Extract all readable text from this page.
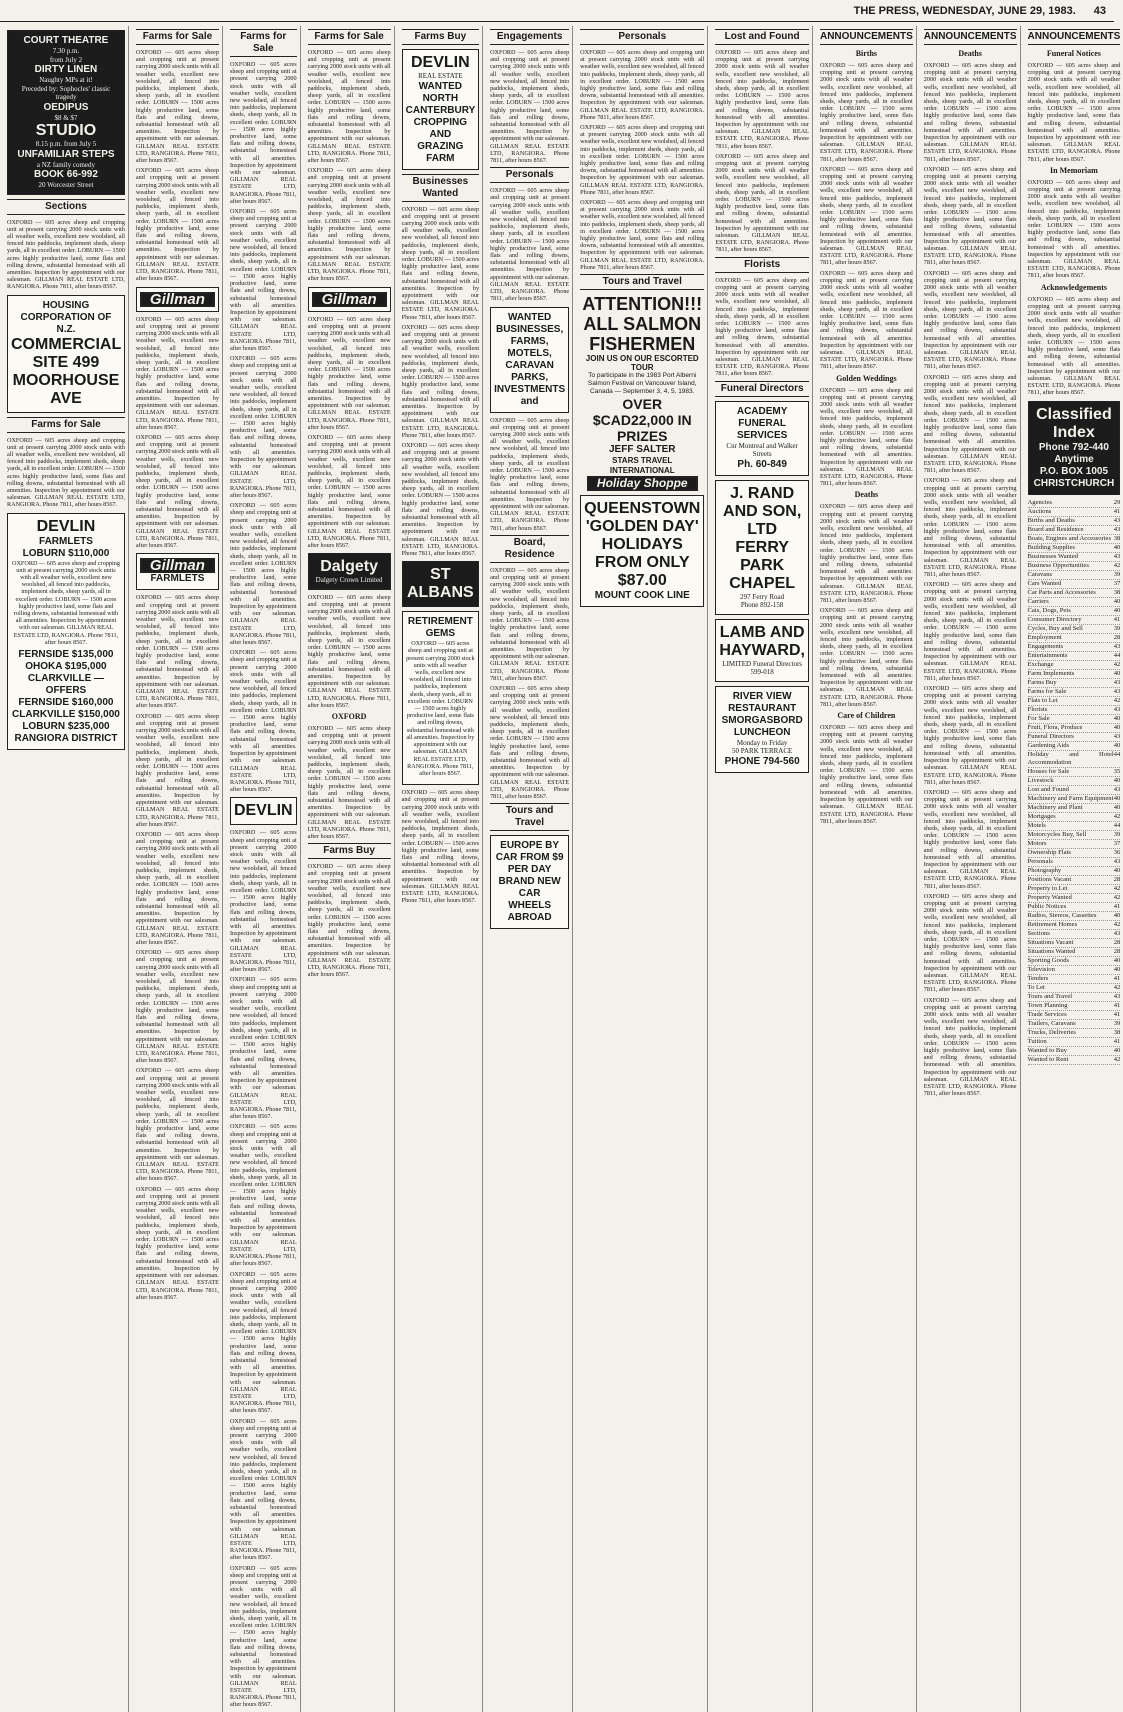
THE PRESS, WEDNESDAY, JUNE 29, 1983. 43
COURT THEATRE
7.30 p.m.
from July 2
DIRTY LINEN
Naughty MPs at it!
Preceded by: Sophocles' classic tragedy
OEDIPUS
$8 & $7
STUDIO
8.15 p.m. from July 5
UNFAMILIAR STEPS
a NZ family comedy
BOOK 66-992
20 Worcester Street
Sections

OXFORD — 605 acres sheep and cropping unit at present carrying 2000 stock units with all weather wells, excellent new woolshed, all fenced into paddocks, implement sheds, sheep yards, all in excellent order. LOBURN — 1500 acres highly productive land, some flats and rolling downs, substantial homestead with all amenities. Inspection by appointment with our salesman. GILLMAN REAL ESTATE LTD, RANGIORA. Phone 7811, after hours 8567.

HOUSING CORPORATION OF N.Z.
COMMERCIAL SITE 499 MOORHOUSE AVE
Farms for Sale

OXFORD — 605 acres sheep and cropping unit at present carrying 2000 stock units with all weather wells, excellent new woolshed, all fenced into paddocks, implement sheds, sheep yards, all in excellent order. LOBURN — 1500 acres highly productive land, some flats and rolling downs, substantial homestead with all amenities. Inspection by appointment with our salesman. GILLMAN REAL ESTATE LTD, RANGIORA. Phone 7811, after hours 8567.

DEVLIN
FARMLETS
LOBURN $110,000

OXFORD — 605 acres sheep and cropping unit at present carrying 2000 stock units with all weather wells, excellent new woolshed, all fenced into paddocks, implement sheds, sheep yards, all in excellent order. LOBURN — 1500 acres highly productive land, some flats and rolling downs, substantial homestead with all amenities. Inspection by appointment with our salesman. GILLMAN REAL ESTATE LTD, RANGIORA. Phone 7811, after hours 8567.

FERNSIDE $135,000
OHOKA $195,000
CLARKVILLE — OFFERS
FERNSIDE $160,000
CLARKVILLE $150,000
LOBURN $235,000
RANGIORA DISTRICT
Farms for Sale

OXFORD — 605 acres sheep and cropping unit at present carrying 2000 stock units with all weather wells, excellent new woolshed, all fenced into paddocks, implement sheds, sheep yards, all in excellent order. LOBURN — 1500 acres highly productive land, some flats and rolling downs, substantial homestead with all amenities. Inspection by appointment with our salesman. GILLMAN REAL ESTATE LTD, RANGIORA. Phone 7811, after hours 8567.

OXFORD — 605 acres sheep and cropping unit at present carrying 2000 stock units with all weather wells, excellent new woolshed, all fenced into paddocks, implement sheds, sheep yards, all in excellent order. LOBURN — 1500 acres highly productive land, some flats and rolling downs, substantial homestead with all amenities. Inspection by appointment with our salesman. GILLMAN REAL ESTATE LTD, RANGIORA. Phone 7811, after hours 8567.

Gillman

OXFORD — 605 acres sheep and cropping unit at present carrying 2000 stock units with all weather wells, excellent new woolshed, all fenced into paddocks, implement sheds, sheep yards, all in excellent order. LOBURN — 1500 acres highly productive land, some flats and rolling downs, substantial homestead with all amenities. Inspection by appointment with our salesman. GILLMAN REAL ESTATE LTD, RANGIORA. Phone 7811, after hours 8567.

OXFORD — 605 acres sheep and cropping unit at present carrying 2000 stock units with all weather wells, excellent new woolshed, all fenced into paddocks, implement sheds, sheep yards, all in excellent order. LOBURN — 1500 acres highly productive land, some flats and rolling downs, substantial homestead with all amenities. Inspection by appointment with our salesman. GILLMAN REAL ESTATE LTD, RANGIORA. Phone 7811, after hours 8567.

Gillman
FARMLETS

OXFORD — 605 acres sheep and cropping unit at present carrying 2000 stock units with all weather wells, excellent new woolshed, all fenced into paddocks, implement sheds, sheep yards, all in excellent order. LOBURN — 1500 acres highly productive land, some flats and rolling downs, substantial homestead with all amenities. Inspection by appointment with our salesman. GILLMAN REAL ESTATE LTD, RANGIORA. Phone 7811, after hours 8567.

OXFORD — 605 acres sheep and cropping unit at present carrying 2000 stock units with all weather wells, excellent new woolshed, all fenced into paddocks, implement sheds, sheep yards, all in excellent order. LOBURN — 1500 acres highly productive land, some flats and rolling downs, substantial homestead with all amenities. Inspection by appointment with our salesman. GILLMAN REAL ESTATE LTD, RANGIORA. Phone 7811, after hours 8567.

OXFORD — 605 acres sheep and cropping unit at present carrying 2000 stock units with all weather wells, excellent new woolshed, all fenced into paddocks, implement sheds, sheep yards, all in excellent order. LOBURN — 1500 acres highly productive land, some flats and rolling downs, substantial homestead with all amenities. Inspection by appointment with our salesman. GILLMAN REAL ESTATE LTD, RANGIORA. Phone 7811, after hours 8567.

OXFORD — 605 acres sheep and cropping unit at present carrying 2000 stock units with all weather wells, excellent new woolshed, all fenced into paddocks, implement sheds, sheep yards, all in excellent order. LOBURN — 1500 acres highly productive land, some flats and rolling downs, substantial homestead with all amenities. Inspection by appointment with our salesman. GILLMAN REAL ESTATE LTD, RANGIORA. Phone 7811, after hours 8567.

OXFORD — 605 acres sheep and cropping unit at present carrying 2000 stock units with all weather wells, excellent new woolshed, all fenced into paddocks, implement sheds, sheep yards, all in excellent order. LOBURN — 1500 acres highly productive land, some flats and rolling downs, substantial homestead with all amenities. Inspection by appointment with our salesman. GILLMAN REAL ESTATE LTD, RANGIORA. Phone 7811, after hours 8567.

OXFORD — 605 acres sheep and cropping unit at present carrying 2000 stock units with all weather wells, excellent new woolshed, all fenced into paddocks, implement sheds, sheep yards, all in excellent order. LOBURN — 1500 acres highly productive land, some flats and rolling downs, substantial homestead with all amenities. Inspection by appointment with our salesman. GILLMAN REAL ESTATE LTD, RANGIORA. Phone 7811, after hours 8567.

Farms for Sale

OXFORD — 605 acres sheep and cropping unit at present carrying 2000 stock units with all weather wells, excellent new woolshed, all fenced into paddocks, implement sheds, sheep yards, all in excellent order. LOBURN — 1500 acres highly productive land, some flats and rolling downs, substantial homestead with all amenities. Inspection by appointment with our salesman. GILLMAN REAL ESTATE LTD, RANGIORA. Phone 7811, after hours 8567.

OXFORD — 605 acres sheep and cropping unit at present carrying 2000 stock units with all weather wells, excellent new woolshed, all fenced into paddocks, implement sheds, sheep yards, all in excellent order. LOBURN — 1500 acres highly productive land, some flats and rolling downs, substantial homestead with all amenities. Inspection by appointment with our salesman. GILLMAN REAL ESTATE LTD, RANGIORA. Phone 7811, after hours 8567.

OXFORD — 605 acres sheep and cropping unit at present carrying 2000 stock units with all weather wells, excellent new woolshed, all fenced into paddocks, implement sheds, sheep yards, all in excellent order. LOBURN — 1500 acres highly productive land, some flats and rolling downs, substantial homestead with all amenities. Inspection by appointment with our salesman. GILLMAN REAL ESTATE LTD, RANGIORA. Phone 7811, after hours 8567.

OXFORD — 605 acres sheep and cropping unit at present carrying 2000 stock units with all weather wells, excellent new woolshed, all fenced into paddocks, implement sheds, sheep yards, all in excellent order. LOBURN — 1500 acres highly productive land, some flats and rolling downs, substantial homestead with all amenities. Inspection by appointment with our salesman. GILLMAN REAL ESTATE LTD, RANGIORA. Phone 7811, after hours 8567.

OXFORD — 605 acres sheep and cropping unit at present carrying 2000 stock units with all weather wells, excellent new woolshed, all fenced into paddocks, implement sheds, sheep yards, all in excellent order. LOBURN — 1500 acres highly productive land, some flats and rolling downs, substantial homestead with all amenities. Inspection by appointment with our salesman. GILLMAN REAL ESTATE LTD, RANGIORA. Phone 7811, after hours 8567.

DEVLIN

OXFORD — 605 acres sheep and cropping unit at present carrying 2000 stock units with all weather wells, excellent new woolshed, all fenced into paddocks, implement sheds, sheep yards, all in excellent order. LOBURN — 1500 acres highly productive land, some flats and rolling downs, substantial homestead with all amenities. Inspection by appointment with our salesman. GILLMAN REAL ESTATE LTD, RANGIORA. Phone 7811, after hours 8567.

OXFORD — 605 acres sheep and cropping unit at present carrying 2000 stock units with all weather wells, excellent new woolshed, all fenced into paddocks, implement sheds, sheep yards, all in excellent order. LOBURN — 1500 acres highly productive land, some flats and rolling downs, substantial homestead with all amenities. Inspection by appointment with our salesman. GILLMAN REAL ESTATE LTD, RANGIORA. Phone 7811, after hours 8567.

OXFORD — 605 acres sheep and cropping unit at present carrying 2000 stock units with all weather wells, excellent new woolshed, all fenced into paddocks, implement sheds, sheep yards, all in excellent order. LOBURN — 1500 acres highly productive land, some flats and rolling downs, substantial homestead with all amenities. Inspection by appointment with our salesman. GILLMAN REAL ESTATE LTD, RANGIORA. Phone 7811, after hours 8567.

OXFORD — 605 acres sheep and cropping unit at present carrying 2000 stock units with all weather wells, excellent new woolshed, all fenced into paddocks, implement sheds, sheep yards, all in excellent order. LOBURN — 1500 acres highly productive land, some flats and rolling downs, substantial homestead with all amenities. Inspection by appointment with our salesman. GILLMAN REAL ESTATE LTD, RANGIORA. Phone 7811, after hours 8567.

OXFORD — 605 acres sheep and cropping unit at present carrying 2000 stock units with all weather wells, excellent new woolshed, all fenced into paddocks, implement sheds, sheep yards, all in excellent order. LOBURN — 1500 acres highly productive land, some flats and rolling downs, substantial homestead with all amenities. Inspection by appointment with our salesman. GILLMAN REAL ESTATE LTD, RANGIORA. Phone 7811, after hours 8567.

OXFORD — 605 acres sheep and cropping unit at present carrying 2000 stock units with all weather wells, excellent new woolshed, all fenced into paddocks, implement sheds, sheep yards, all in excellent order. LOBURN — 1500 acres highly productive land, some flats and rolling downs, substantial homestead with all amenities. Inspection by appointment with our salesman. GILLMAN REAL ESTATE LTD, RANGIORA. Phone 7811, after hours 8567.

Farms for Sale

OXFORD — 605 acres sheep and cropping unit at present carrying 2000 stock units with all weather wells, excellent new woolshed, all fenced into paddocks, implement sheds, sheep yards, all in excellent order. LOBURN — 1500 acres highly productive land, some flats and rolling downs, substantial homestead with all amenities. Inspection by appointment with our salesman. GILLMAN REAL ESTATE LTD, RANGIORA. Phone 7811, after hours 8567.

OXFORD — 605 acres sheep and cropping unit at present carrying 2000 stock units with all weather wells, excellent new woolshed, all fenced into paddocks, implement sheds, sheep yards, all in excellent order. LOBURN — 1500 acres highly productive land, some flats and rolling downs, substantial homestead with all amenities. Inspection by appointment with our salesman. GILLMAN REAL ESTATE LTD, RANGIORA. Phone 7811, after hours 8567.

Gillman

OXFORD — 605 acres sheep and cropping unit at present carrying 2000 stock units with all weather wells, excellent new woolshed, all fenced into paddocks, implement sheds, sheep yards, all in excellent order. LOBURN — 1500 acres highly productive land, some flats and rolling downs, substantial homestead with all amenities. Inspection by appointment with our salesman. GILLMAN REAL ESTATE LTD, RANGIORA. Phone 7811, after hours 8567.

OXFORD — 605 acres sheep and cropping unit at present carrying 2000 stock units with all weather wells, excellent new woolshed, all fenced into paddocks, implement sheds, sheep yards, all in excellent order. LOBURN — 1500 acres highly productive land, some flats and rolling downs, substantial homestead with all amenities. Inspection by appointment with our salesman. GILLMAN REAL ESTATE LTD, RANGIORA. Phone 7811, after hours 8567.

Dalgety
Dalgety Crown Limited

OXFORD — 605 acres sheep and cropping unit at present carrying 2000 stock units with all weather wells, excellent new woolshed, all fenced into paddocks, implement sheds, sheep yards, all in excellent order. LOBURN — 1500 acres highly productive land, some flats and rolling downs, substantial homestead with all amenities. Inspection by appointment with our salesman. GILLMAN REAL ESTATE LTD, RANGIORA. Phone 7811, after hours 8567.

OXFORD

OXFORD — 605 acres sheep and cropping unit at present carrying 2000 stock units with all weather wells, excellent new woolshed, all fenced into paddocks, implement sheds, sheep yards, all in excellent order. LOBURN — 1500 acres highly productive land, some flats and rolling downs, substantial homestead with all amenities. Inspection by appointment with our salesman. GILLMAN REAL ESTATE LTD, RANGIORA. Phone 7811, after hours 8567.

Farms Buy

OXFORD — 605 acres sheep and cropping unit at present carrying 2000 stock units with all weather wells, excellent new woolshed, all fenced into paddocks, implement sheds, sheep yards, all in excellent order. LOBURN — 1500 acres highly productive land, some flats and rolling downs, substantial homestead with all amenities. Inspection by appointment with our salesman. GILLMAN REAL ESTATE LTD, RANGIORA. Phone 7811, after hours 8567.

Farms Buy
DEVLIN
REAL ESTATE
WANTED NORTH CANTERBURY CROPPING AND GRAZING FARM
Businesses Wanted

OXFORD — 605 acres sheep and cropping unit at present carrying 2000 stock units with all weather wells, excellent new woolshed, all fenced into paddocks, implement sheds, sheep yards, all in excellent order. LOBURN — 1500 acres highly productive land, some flats and rolling downs, substantial homestead with all amenities. Inspection by appointment with our salesman. GILLMAN REAL ESTATE LTD, RANGIORA. Phone 7811, after hours 8567.

OXFORD — 605 acres sheep and cropping unit at present carrying 2000 stock units with all weather wells, excellent new woolshed, all fenced into paddocks, implement sheds, sheep yards, all in excellent order. LOBURN — 1500 acres highly productive land, some flats and rolling downs, substantial homestead with all amenities. Inspection by appointment with our salesman. GILLMAN REAL ESTATE LTD, RANGIORA. Phone 7811, after hours 8567.

OXFORD — 605 acres sheep and cropping unit at present carrying 2000 stock units with all weather wells, excellent new woolshed, all fenced into paddocks, implement sheds, sheep yards, all in excellent order. LOBURN — 1500 acres highly productive land, some flats and rolling downs, substantial homestead with all amenities. Inspection by appointment with our salesman. GILLMAN REAL ESTATE LTD, RANGIORA. Phone 7811, after hours 8567.

ST ALBANS
RETIREMENT GEMS

OXFORD — 605 acres sheep and cropping unit at present carrying 2000 stock units with all weather wells, excellent new woolshed, all fenced into paddocks, implement sheds, sheep yards, all in excellent order. LOBURN — 1500 acres highly productive land, some flats and rolling downs, substantial homestead with all amenities. Inspection by appointment with our salesman. GILLMAN REAL ESTATE LTD, RANGIORA. Phone 7811, after hours 8567.

OXFORD — 605 acres sheep and cropping unit at present carrying 2000 stock units with all weather wells, excellent new woolshed, all fenced into paddocks, implement sheds, sheep yards, all in excellent order. LOBURN — 1500 acres highly productive land, some flats and rolling downs, substantial homestead with all amenities. Inspection by appointment with our salesman. GILLMAN REAL ESTATE LTD, RANGIORA. Phone 7811, after hours 8567.

Engagements

OXFORD — 605 acres sheep and cropping unit at present carrying 2000 stock units with all weather wells, excellent new woolshed, all fenced into paddocks, implement sheds, sheep yards, all in excellent order. LOBURN — 1500 acres highly productive land, some flats and rolling downs, substantial homestead with all amenities. Inspection by appointment with our salesman. GILLMAN REAL ESTATE LTD, RANGIORA. Phone 7811, after hours 8567.

Personals

OXFORD — 605 acres sheep and cropping unit at present carrying 2000 stock units with all weather wells, excellent new woolshed, all fenced into paddocks, implement sheds, sheep yards, all in excellent order. LOBURN — 1500 acres highly productive land, some flats and rolling downs, substantial homestead with all amenities. Inspection by appointment with our salesman. GILLMAN REAL ESTATE LTD, RANGIORA. Phone 7811, after hours 8567.

WANTED BUSINESSES, FARMS, MOTELS, CARAVAN PARKS, INVESTMENTS and

OXFORD — 605 acres sheep and cropping unit at present carrying 2000 stock units with all weather wells, excellent new woolshed, all fenced into paddocks, implement sheds, sheep yards, all in excellent order. LOBURN — 1500 acres highly productive land, some flats and rolling downs, substantial homestead with all amenities. Inspection by appointment with our salesman. GILLMAN REAL ESTATE LTD, RANGIORA. Phone 7811, after hours 8567.

Board, Residence

OXFORD — 605 acres sheep and cropping unit at present carrying 2000 stock units with all weather wells, excellent new woolshed, all fenced into paddocks, implement sheds, sheep yards, all in excellent order. LOBURN — 1500 acres highly productive land, some flats and rolling downs, substantial homestead with all amenities. Inspection by appointment with our salesman. GILLMAN REAL ESTATE LTD, RANGIORA. Phone 7811, after hours 8567.

OXFORD — 605 acres sheep and cropping unit at present carrying 2000 stock units with all weather wells, excellent new woolshed, all fenced into paddocks, implement sheds, sheep yards, all in excellent order. LOBURN — 1500 acres highly productive land, some flats and rolling downs, substantial homestead with all amenities. Inspection by appointment with our salesman. GILLMAN REAL ESTATE LTD, RANGIORA. Phone 7811, after hours 8567.

Tours and Travel
EUROPE BY CAR FROM $9 PER DAY
BRAND NEW CAR
WHEELS ABROAD
Personals

OXFORD — 605 acres sheep and cropping unit at present carrying 2000 stock units with all weather wells, excellent new woolshed, all fenced into paddocks, implement sheds, sheep yards, all in excellent order. LOBURN — 1500 acres highly productive land, some flats and rolling downs, substantial homestead with all amenities. Inspection by appointment with our salesman. GILLMAN REAL ESTATE LTD, RANGIORA. Phone 7811, after hours 8567.

OXFORD — 605 acres sheep and cropping unit at present carrying 2000 stock units with all weather wells, excellent new woolshed, all fenced into paddocks, implement sheds, sheep yards, all in excellent order. LOBURN — 1500 acres highly productive land, some flats and rolling downs, substantial homestead with all amenities. Inspection by appointment with our salesman. GILLMAN REAL ESTATE LTD, RANGIORA. Phone 7811, after hours 8567.

OXFORD — 605 acres sheep and cropping unit at present carrying 2000 stock units with all weather wells, excellent new woolshed, all fenced into paddocks, implement sheds, sheep yards, all in excellent order. LOBURN — 1500 acres highly productive land, some flats and rolling downs, substantial homestead with all amenities. Inspection by appointment with our salesman. GILLMAN REAL ESTATE LTD, RANGIORA. Phone 7811, after hours 8567.

Tours and Travel
ATTENTION!!! ALL SALMON FISHERMEN
JOIN US ON OUR ESCORTED TOUR
To participate in the 1983 Port Alberni Salmon Festival on Vancouver Island, Canada — September 3, 4, 5, 1983.
OVER $CAD22,000 IN PRIZES
JEFF SALTER
STARS TRAVEL INTERNATIONAL
Holiday Shoppe
QUEENSTOWN 'GOLDEN DAY' HOLIDAYS FROM ONLY $87.00
MOUNT COOK LINE
Lost and Found

OXFORD — 605 acres sheep and cropping unit at present carrying 2000 stock units with all weather wells, excellent new woolshed, all fenced into paddocks, implement sheds, sheep yards, all in excellent order. LOBURN — 1500 acres highly productive land, some flats and rolling downs, substantial homestead with all amenities. Inspection by appointment with our salesman. GILLMAN REAL ESTATE LTD, RANGIORA. Phone 7811, after hours 8567.

OXFORD — 605 acres sheep and cropping unit at present carrying 2000 stock units with all weather wells, excellent new woolshed, all fenced into paddocks, implement sheds, sheep yards, all in excellent order. LOBURN — 1500 acres highly productive land, some flats and rolling downs, substantial homestead with all amenities. Inspection by appointment with our salesman. GILLMAN REAL ESTATE LTD, RANGIORA. Phone 7811, after hours 8567.

Florists

OXFORD — 605 acres sheep and cropping unit at present carrying 2000 stock units with all weather wells, excellent new woolshed, all fenced into paddocks, implement sheds, sheep yards, all in excellent order. LOBURN — 1500 acres highly productive land, some flats and rolling downs, substantial homestead with all amenities. Inspection by appointment with our salesman. GILLMAN REAL ESTATE LTD, RANGIORA. Phone 7811, after hours 8567.

Funeral Directors
ACADEMY FUNERAL SERVICES
Cnr Montreal and Walker Streets
Ph. 60-849
J. RAND AND SON, LTD
FERRY PARK CHAPEL
297 Ferry Road
Phone 892-158
LAMB AND HAYWARD,
LIMITED Funeral Directors 599-018
RIVER VIEW RESTAURANT SMORGASBORD LUNCHEON
Monday to Friday
50 PARK TERRACE
PHONE 794-560
ANNOUNCEMENTS
Births

OXFORD — 605 acres sheep and cropping unit at present carrying 2000 stock units with all weather wells, excellent new woolshed, all fenced into paddocks, implement sheds, sheep yards, all in excellent order. LOBURN — 1500 acres highly productive land, some flats and rolling downs, substantial homestead with all amenities. Inspection by appointment with our salesman. GILLMAN REAL ESTATE LTD, RANGIORA. Phone 7811, after hours 8567.

OXFORD — 605 acres sheep and cropping unit at present carrying 2000 stock units with all weather wells, excellent new woolshed, all fenced into paddocks, implement sheds, sheep yards, all in excellent order. LOBURN — 1500 acres highly productive land, some flats and rolling downs, substantial homestead with all amenities. Inspection by appointment with our salesman. GILLMAN REAL ESTATE LTD, RANGIORA. Phone 7811, after hours 8567.

OXFORD — 605 acres sheep and cropping unit at present carrying 2000 stock units with all weather wells, excellent new woolshed, all fenced into paddocks, implement sheds, sheep yards, all in excellent order. LOBURN — 1500 acres highly productive land, some flats and rolling downs, substantial homestead with all amenities. Inspection by appointment with our salesman. GILLMAN REAL ESTATE LTD, RANGIORA. Phone 7811, after hours 8567.

Golden Weddings

OXFORD — 605 acres sheep and cropping unit at present carrying 2000 stock units with all weather wells, excellent new woolshed, all fenced into paddocks, implement sheds, sheep yards, all in excellent order. LOBURN — 1500 acres highly productive land, some flats and rolling downs, substantial homestead with all amenities. Inspection by appointment with our salesman. GILLMAN REAL ESTATE LTD, RANGIORA. Phone 7811, after hours 8567.

Deaths

OXFORD — 605 acres sheep and cropping unit at present carrying 2000 stock units with all weather wells, excellent new woolshed, all fenced into paddocks, implement sheds, sheep yards, all in excellent order. LOBURN — 1500 acres highly productive land, some flats and rolling downs, substantial homestead with all amenities. Inspection by appointment with our salesman. GILLMAN REAL ESTATE LTD, RANGIORA. Phone 7811, after hours 8567.

OXFORD — 605 acres sheep and cropping unit at present carrying 2000 stock units with all weather wells, excellent new woolshed, all fenced into paddocks, implement sheds, sheep yards, all in excellent order. LOBURN — 1500 acres highly productive land, some flats and rolling downs, substantial homestead with all amenities. Inspection by appointment with our salesman. GILLMAN REAL ESTATE LTD, RANGIORA. Phone 7811, after hours 8567.

Care of Children

OXFORD — 605 acres sheep and cropping unit at present carrying 2000 stock units with all weather wells, excellent new woolshed, all fenced into paddocks, implement sheds, sheep yards, all in excellent order. LOBURN — 1500 acres highly productive land, some flats and rolling downs, substantial homestead with all amenities. Inspection by appointment with our salesman. GILLMAN REAL ESTATE LTD, RANGIORA. Phone 7811, after hours 8567.

ANNOUNCEMENTS
Deaths

OXFORD — 605 acres sheep and cropping unit at present carrying 2000 stock units with all weather wells, excellent new woolshed, all fenced into paddocks, implement sheds, sheep yards, all in excellent order. LOBURN — 1500 acres highly productive land, some flats and rolling downs, substantial homestead with all amenities. Inspection by appointment with our salesman. GILLMAN REAL ESTATE LTD, RANGIORA. Phone 7811, after hours 8567.

OXFORD — 605 acres sheep and cropping unit at present carrying 2000 stock units with all weather wells, excellent new woolshed, all fenced into paddocks, implement sheds, sheep yards, all in excellent order. LOBURN — 1500 acres highly productive land, some flats and rolling downs, substantial homestead with all amenities. Inspection by appointment with our salesman. GILLMAN REAL ESTATE LTD, RANGIORA. Phone 7811, after hours 8567.

OXFORD — 605 acres sheep and cropping unit at present carrying 2000 stock units with all weather wells, excellent new woolshed, all fenced into paddocks, implement sheds, sheep yards, all in excellent order. LOBURN — 1500 acres highly productive land, some flats and rolling downs, substantial homestead with all amenities. Inspection by appointment with our salesman. GILLMAN REAL ESTATE LTD, RANGIORA. Phone 7811, after hours 8567.

OXFORD — 605 acres sheep and cropping unit at present carrying 2000 stock units with all weather wells, excellent new woolshed, all fenced into paddocks, implement sheds, sheep yards, all in excellent order. LOBURN — 1500 acres highly productive land, some flats and rolling downs, substantial homestead with all amenities. Inspection by appointment with our salesman. GILLMAN REAL ESTATE LTD, RANGIORA. Phone 7811, after hours 8567.

OXFORD — 605 acres sheep and cropping unit at present carrying 2000 stock units with all weather wells, excellent new woolshed, all fenced into paddocks, implement sheds, sheep yards, all in excellent order. LOBURN — 1500 acres highly productive land, some flats and rolling downs, substantial homestead with all amenities. Inspection by appointment with our salesman. GILLMAN REAL ESTATE LTD, RANGIORA. Phone 7811, after hours 8567.

OXFORD — 605 acres sheep and cropping unit at present carrying 2000 stock units with all weather wells, excellent new woolshed, all fenced into paddocks, implement sheds, sheep yards, all in excellent order. LOBURN — 1500 acres highly productive land, some flats and rolling downs, substantial homestead with all amenities. Inspection by appointment with our salesman. GILLMAN REAL ESTATE LTD, RANGIORA. Phone 7811, after hours 8567.

OXFORD — 605 acres sheep and cropping unit at present carrying 2000 stock units with all weather wells, excellent new woolshed, all fenced into paddocks, implement sheds, sheep yards, all in excellent order. LOBURN — 1500 acres highly productive land, some flats and rolling downs, substantial homestead with all amenities. Inspection by appointment with our salesman. GILLMAN REAL ESTATE LTD, RANGIORA. Phone 7811, after hours 8567.

OXFORD — 605 acres sheep and cropping unit at present carrying 2000 stock units with all weather wells, excellent new woolshed, all fenced into paddocks, implement sheds, sheep yards, all in excellent order. LOBURN — 1500 acres highly productive land, some flats and rolling downs, substantial homestead with all amenities. Inspection by appointment with our salesman. GILLMAN REAL ESTATE LTD, RANGIORA. Phone 7811, after hours 8567.

OXFORD — 605 acres sheep and cropping unit at present carrying 2000 stock units with all weather wells, excellent new woolshed, all fenced into paddocks, implement sheds, sheep yards, all in excellent order. LOBURN — 1500 acres highly productive land, some flats and rolling downs, substantial homestead with all amenities. Inspection by appointment with our salesman. GILLMAN REAL ESTATE LTD, RANGIORA. Phone 7811, after hours 8567.

OXFORD — 605 acres sheep and cropping unit at present carrying 2000 stock units with all weather wells, excellent new woolshed, all fenced into paddocks, implement sheds, sheep yards, all in excellent order. LOBURN — 1500 acres highly productive land, some flats and rolling downs, substantial homestead with all amenities. Inspection by appointment with our salesman. GILLMAN REAL ESTATE LTD, RANGIORA. Phone 7811, after hours 8567.

ANNOUNCEMENTS
Funeral Notices

OXFORD — 605 acres sheep and cropping unit at present carrying 2000 stock units with all weather wells, excellent new woolshed, all fenced into paddocks, implement sheds, sheep yards, all in excellent order. LOBURN — 1500 acres highly productive land, some flats and rolling downs, substantial homestead with all amenities. Inspection by appointment with our salesman. GILLMAN REAL ESTATE LTD, RANGIORA. Phone 7811, after hours 8567.

In Memoriam

OXFORD — 605 acres sheep and cropping unit at present carrying 2000 stock units with all weather wells, excellent new woolshed, all fenced into paddocks, implement sheds, sheep yards, all in excellent order. LOBURN — 1500 acres highly productive land, some flats and rolling downs, substantial homestead with all amenities. Inspection by appointment with our salesman. GILLMAN REAL ESTATE LTD, RANGIORA. Phone 7811, after hours 8567.

Acknowledgements

OXFORD — 605 acres sheep and cropping unit at present carrying 2000 stock units with all weather wells, excellent new woolshed, all fenced into paddocks, implement sheds, sheep yards, all in excellent order. LOBURN — 1500 acres highly productive land, some flats and rolling downs, substantial homestead with all amenities. Inspection by appointment with our salesman. GILLMAN REAL ESTATE LTD, RANGIORA. Phone 7811, after hours 8567.

Classified Index
Phone 792-440
Anytime
P.O. BOX 1005 CHRISTCHURCH
Agencies	29
Auctions	41
Births and Deaths	43
Board and Residence	43
Boats, Engines and Accessories 38
Building Supplies	40
Businesses Wanted	43
Business Opportunities	42
Caravans	39
Cars Wanted	37
Car Parts and Accessories	38
Carriers	40
Cats, Dogs, Pets	40
Consumer Directory	41
Cycles, Buy and Sell	39
Employment	28
Engagements	43
Entertainments	44
Exchange	42
Farm Implements	40
Farms Buy	43
Farms for Sale	43
Flats to Let	42
Florists	43
For Sale	40
Fruit, Flora, Produce	40
Funeral Directors	43
Gardening Aids	40
Holiday and Hotel Accommodation
44
Houses for Sale	35
Livestock	40
Lost and Found	43
Machinery and Farm Equipment 40
Machinery and Plant	40
Mortgages	42
Motels	44
Motorcycles Buy, Sell	39
Motors	37
Ownership Flats	36
Personals	43
Photography	40
Positions Vacant	28
Property to Let	42
Property Wanted	42
Public Notices	41
Radios, Stereos, Cassettes	40
Retirement Homes	42
Sections	43
Situations Vacant	28
Situations Wanted	28
Sporting Goods	40
Television	40
Tenders	41
To Let	42
Tours and Travel	43
Town Planning	41
Trade Services	41
Trailers, Caravans	39
Trucks, Deliveries	38
Tuition	41
Wanted to Buy	40
Wanted to Rent	42
